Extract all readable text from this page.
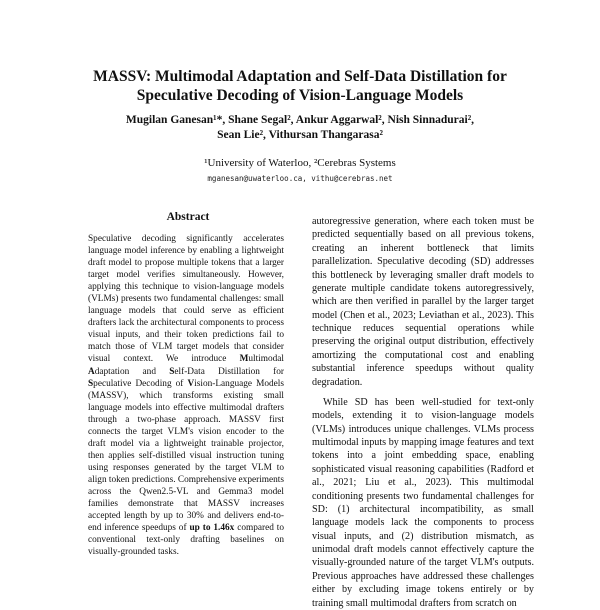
MASSV: Multimodal Adaptation and Self-Data Distillation for
Speculative Decoding of Vision-Language Models
Mugilan Ganesan¹*, Shane Segal², Ankur Aggarwal², Nish Sinnadurai²,
Sean Lie², Vithursan Thangarasa²
¹University of Waterloo, ²Cerebras Systems
mganesan@uwaterloo.ca, vithu@cerebras.net
Abstract
Speculative decoding significantly accelerates language model inference by enabling a lightweight draft model to propose multiple tokens that a larger target model verifies simultaneously. However, applying this technique to vision-language models (VLMs) presents two fundamental challenges: small language models that could serve as efficient drafters lack the architectural components to process visual inputs, and their token predictions fail to match those of VLM target models that consider visual context. We introduce Multimodal Adaptation and Self-Data Distillation for Speculative Decoding of Vision-Language Models (MASSV), which transforms existing small language models into effective multimodal drafters through a two-phase approach. MASSV first connects the target VLM's vision encoder to the draft model via a lightweight trainable projector, then applies self-distilled visual instruction tuning using responses generated by the target VLM to align token predictions. Comprehensive experiments across the Qwen2.5-VL and Gemma3 model families demonstrate that MASSV increases accepted length by up to 30% and delivers end-to-end inference speedups of up to 1.46x compared to conventional text-only drafting baselines on visually-grounded tasks.

autoregressive generation, where each token must be predicted sequentially based on all previous tokens, creating an inherent bottleneck that limits parallelization. Speculative decoding (SD) addresses this bottleneck by leveraging smaller draft models to generate multiple candidate tokens autoregressively, which are then verified in parallel by the larger target model (Chen et al., 2023; Leviathan et al., 2023). This technique reduces sequential operations while preserving the original output distribution, effectively amortizing the computational cost and enabling substantial inference speedups without quality degradation.

While SD has been well-studied for text-only models, extending it to vision-language models (VLMs) introduces unique challenges. VLMs process multimodal inputs by mapping image features and text tokens into a joint embedding space, enabling sophisticated visual reasoning capabilities (Radford et al., 2021; Liu et al., 2023). This multimodal conditioning presents two fundamental challenges for SD: (1) architectural incompatibility, as small language models lack the components to process visual inputs, and (2) distribution mismatch, as unimodal draft models cannot effectively capture the visually-grounded nature of the target VLM's outputs. Previous approaches have addressed these challenges either by excluding image tokens entirely or by training small multimodal drafters from scratch on
